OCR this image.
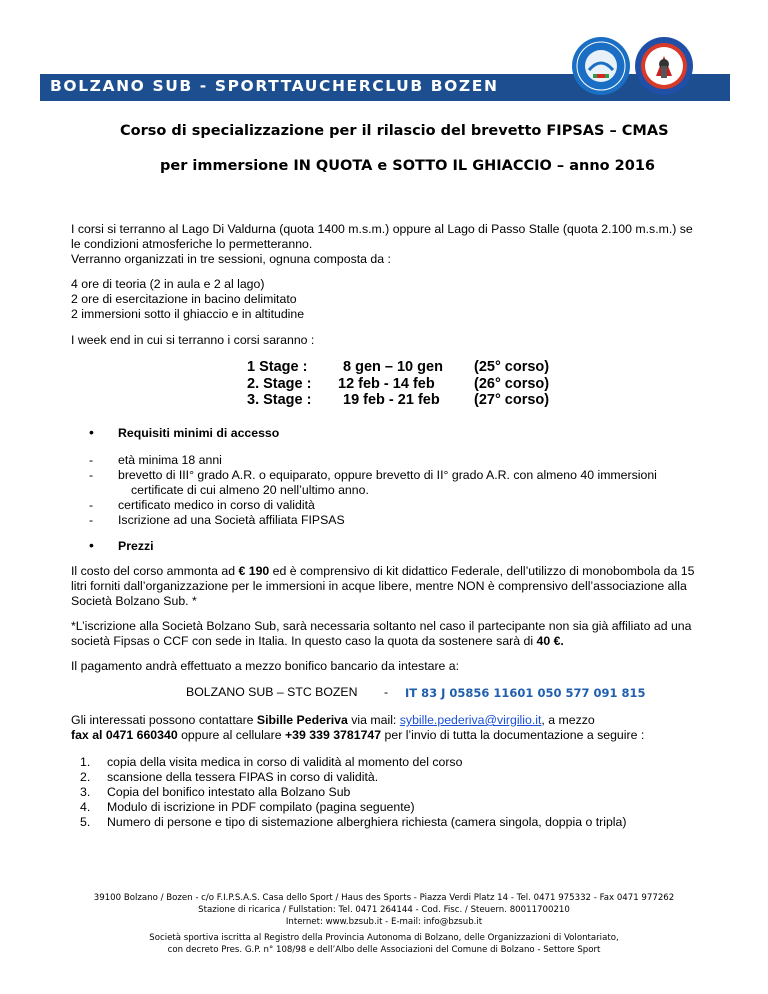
BOLZANO SUB - SPORTTAUCHERCLUB BOZEN
Corso di specializzazione per il rilascio del brevetto FIPSAS – CMAS
per immersione IN QUOTA e SOTTO IL GHIACCIO – anno 2016
I corsi si terranno al Lago Di Valdurna (quota 1400 m.s.m.) oppure al Lago di Passo Stalle (quota 2.100 m.s.m.) se
le condizioni atmosferiche lo permetteranno.
Verranno organizzati in tre sessioni, ognuna composta da :
4 ore di teoria (2 in aula e 2 al lago)
2 ore di esercitazione in bacino delimitato
2 immersioni sotto il ghiaccio e in altitudine
I week end in cui si terranno i corsi saranno :
1 Stage : 8 gen – 10 gen (25° corso)
2. Stage : 12 feb - 14 feb	(26° corso)
3. Stage : 19 feb - 21 feb (27° corso)
• Requisiti minimi di accesso
- età minima 18 anni
- brevetto di III° grado A.R. o equiparato, oppure brevetto di II° grado A.R. con almeno 40 immersioni
certificate di cui almeno 20 nell’ultimo anno.
- certificato medico in corso di validità
- Iscrizione ad una Società affiliata FIPSAS
• Prezzi
Il costo del corso ammonta ad € 190 ed è comprensivo di kit didattico Federale, dell’utilizzo di monobombola da 15
litri forniti dall’organizzazione per le immersioni in acque libere, mentre NON è comprensivo dell’associazione alla
Società Bolzano Sub. *
*L’iscrizione alla Società Bolzano Sub, sarà necessaria soltanto nel caso il partecipante non sia già affiliato ad una
società Fipsas o CCF con sede in Italia. In questo caso la quota da sostenere sarà di 40 €.
Il pagamento andrà effettuato a mezzo bonifico bancario da intestare a:
BOLZANO SUB – STC BOZEN - IT 83 J 05856 11601 050 577 091 815
Gli interessati possono contattare Sibille Pederiva via mail: sybille.pederiva@virgilio.it, a mezzo
fax al 0471 660340 oppure al cellulare +39 339 3781747 per l’invio di tutta la documentazione a seguire :
1. copia della visita medica in corso di validità al momento del corso
2. scansione della tessera FIPAS in corso di validità.
3. Copia del bonifico intestato alla Bolzano Sub
4. Modulo di iscrizione in PDF compilato (pagina seguente)
5. Numero di persone e tipo di sistemazione alberghiera richiesta (camera singola, doppia o tripla)
39100 Bolzano / Bozen - c/o F.I.P.S.A.S. Casa dello Sport / Haus des Sports - Piazza Verdi Platz 14 - Tel. 0471 975332 - Fax 0471 977262
Stazione di ricarica / Fullstation: Tel. 0471 264144 - Cod. Fisc. / Steuern. 80011700210
Internet: www.bzsub.it - E-mail: info@bzsub.it
Società sportiva iscritta al Registro della Provincia Autonoma di Bolzano, delle Organizzazioni di Volontariato,
con decreto Pres. G.P. n° 108/98 e dell’Albo delle Associazioni del Comune di Bolzano - Settore Sport
